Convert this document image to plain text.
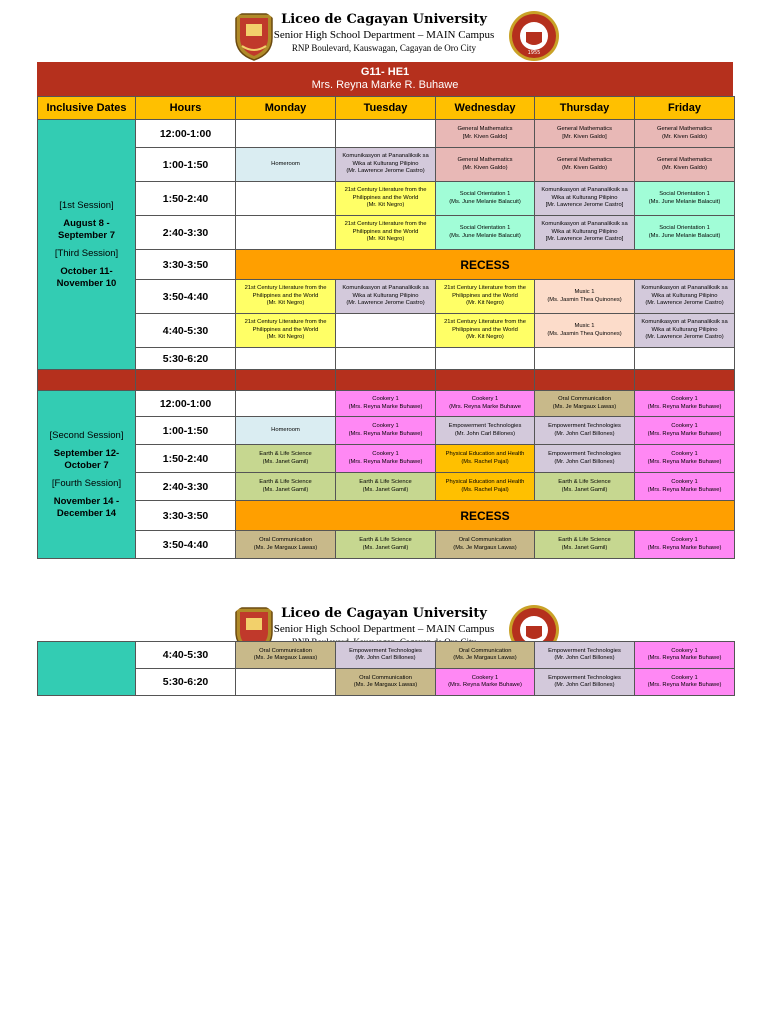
1955
Liceo de Cagayan University
Senior High School Department – MAIN Campus
RNP Boulevard, Kauswagan, Cagayan de Oro City
G11- HE1
Mrs. Reyna Marke R. Buhawe
Inclusive Dates	Hours	Monday	Tuesday	Wednesday	Thursday	Friday

[1st Session]
August 8 - September 7
[Third Session]
October 11- November 10	12:00-1:00			General Mathematics
[Mr. Kiven Galdo]	General Mathematics
[Mr. Kiven Galdo]	General Mathematics
(Mr. Kiven Galdo)
	1:00-1:50	Homeroom	Komunikasyon at Pananaliksik sa Wika at Kulturang Pilipino
(Mr. Lawrence Jerome Castro)	General Mathematics
(Mr. Kiven Galdo)	General Mathematics
(Mr. Kiven Galdo)	General Mathematics
(Mr. Kiven Galdo)
	1:50-2:40		21st Century Literature from the Philippines and the World
(Mr. Kit Negro)	Social Orientation 1
(Ms. June Melanie Balacuit)	Komunikasyon at Pananaliksik sa Wika at Kulturang Pilipino
[Mr. Lawrence Jerome Castro]	Social Orientation 1
(Ms. June Melanie Balacuit)
	2:40-3:30		21st Century Literature from the Philippines and the World
(Mr. Kit Negro)	Social Orientation 1
(Ms. June Melanie Balacuit)	Komunikasyon at Pananaliksik sa Wika at Kulturang Pilipino
[Mr. Lawrence Jerome Castro]	Social Orientation 1
(Ms. June Melanie Balacuit)
	3:30-3:50	RECESS				
	3:50-4:40	21st Century Literature from the Philippines and the World
(Mr. Kit Negro)	Komunikasyon at Pananaliksik sa Wika at Kulturang Pilipino
(Mr. Lawrence Jerome Castro)	21st Century Literature from the Philippines and the World
(Mr. Kit Negro)	Music 1
(Ms. Jasmin Thea Quinones)	Komunikasyon at Pananaliksik sa Wika at Kulturang Pilipino
(Mr. Lawrence Jerome Castro)
	4:40-5:30	21st Century Literature from the Philippines and the World
(Mr. Kit Negro)		21st Century Literature from the Philippines and the World
(Mr. Kit Negro)	Music 1
(Ms. Jasmin Thea Quinones)	Komunikasyon at Pananaliksik sa Wika at Kulturang Pilipino
(Mr. Lawrence Jerome Castro)
	5:30-6:20					

[Second Session]
September 12- October 7
[Fourth Session]
November 14 - December 14	12:00-1:00		Cookery 1
(Mrs. Reyna Marke Buhawe)	Cookery 1
(Mrs. Reyna Marke Buhawe	Oral Communication
(Ms. Je Margaux Lawas)	Cookery 1
(Mrs. Reyna Marke Buhawe)
	1:00-1:50	Homeroom	Cookery 1
(Mrs. Reyna Marke Buhawe)	Empowerment Technologies
(Mr. John Carl Billones)	Empowerment Technologies
(Mr. John Carl Billones)	Cookery 1
(Mrs. Reyna Marke Buhawe)
	1:50-2:40	Earth & Life Science
(Ms. Janet Gamil)	Cookery 1
(Mrs. Reyna Marke Buhawe)	Physical Education and Health
(Ms. Rachel Pajal)	Empowerment Technologies
(Mr. John Carl Billones)	Cookery 1
(Mrs. Reyna Marke Buhawe)
	2:40-3:30	Earth & Life Science
(Ms. Janet Gamil)	Earth & Life Science
(Ms. Janet Gamil)	Physical Education and Health
(Ms. Rachel Pajal)	Earth & Life Science
(Ms. Janet Gamil)	Cookery 1
(Mrs. Reyna Marke Buhawe)
	3:30-3:50	RECESS				
	3:50-4:40	Oral Communication
(Ms. Je Margaux Lawas)	Earth & Life Science
(Ms. Janet Gamil)	Oral Communication
(Ms. Je Margaux Lawas)	Earth & Life Science
(Ms. Janet Gamil)	Cookery 1
(Mrs. Reyna Marke Buhawe)
Liceo de Cagayan University
Senior High School Department – MAIN Campus
	4:40-5:30	Oral Communication
(Ms. Je Margaux Lawas)	Empowerment Technologies
(Mr. John Carl Billones)	Oral Communication
(Ms. Je Margaux Lawas)	Empowerment Technologies
(Mr. John Carl Billones)	Cookery 1
(Mrs. Reyna Marke Buhawe)
	5:30-6:20		Oral Communication
(Ms. Je Margaux Lawas)	Cookery 1
(Mrs. Reyna Marke Buhawe)	Empowerment Technologies
(Mr. John Carl Billones)	Cookery 1
(Mrs. Reyna Marke Buhawe)
